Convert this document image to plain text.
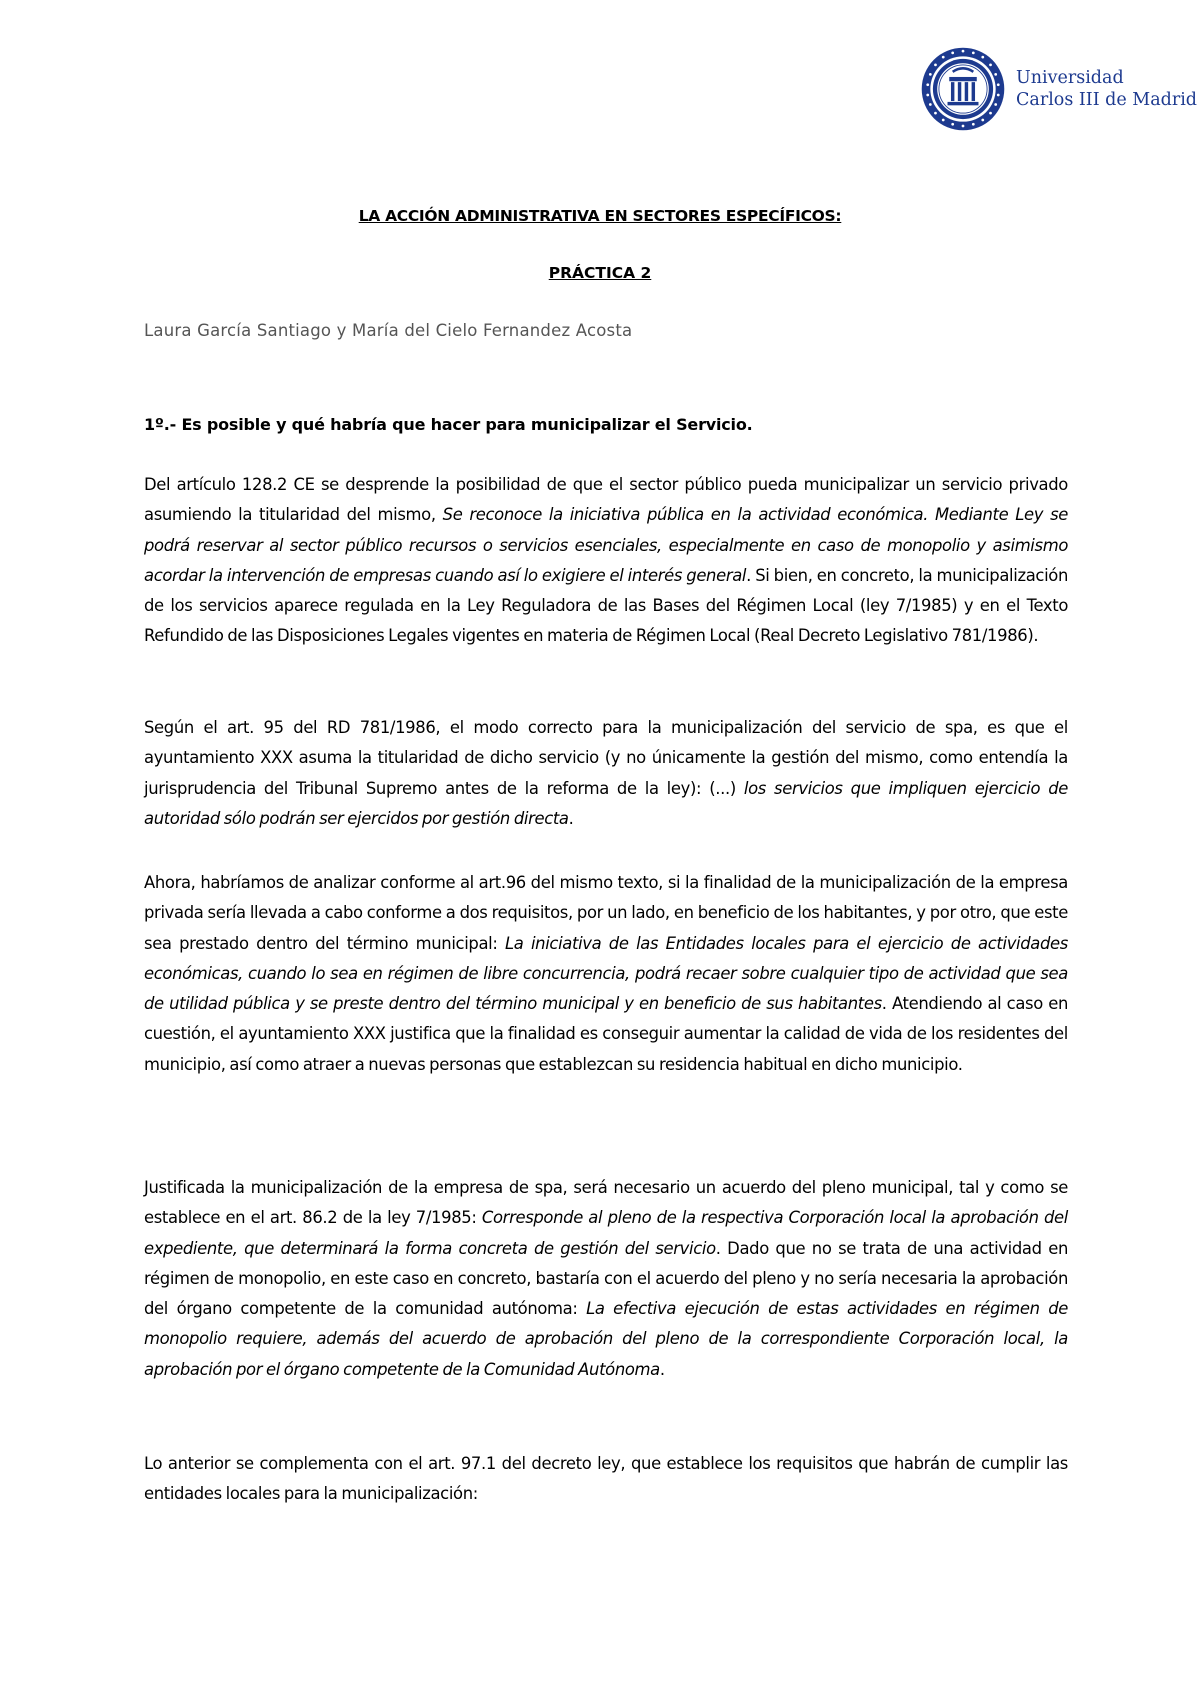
Universidad
Carlos III de Madrid

LA ACCIÓN ADMINISTRATIVA EN SECTORES ESPECÍFICOS:

PRÁCTICA 2

Laura García Santiago y María del Cielo Fernandez Acosta

1º.- Es posible y qué habría que hacer para municipalizar el Servicio.

Del artículo 128.2 CE se desprende la posibilidad de que el sector público pueda municipalizar un servicio privado asumiendo la titularidad del mismo, Se reconoce la iniciativa pública en la actividad económica. Mediante Ley se podrá reservar al sector público recursos o servicios esenciales, especialmente en caso de monopolio y asimismo acordar la intervención de empresas cuando así lo exigiere el interés general. Si bien, en concreto, la municipalización de los servicios aparece regulada en la Ley Reguladora de las Bases del Régimen Local (ley 7/1985) y en el Texto Refundido de las Disposiciones Legales vigentes en materia de Régimen Local (Real Decreto Legislativo 781/1986).

Según el art. 95 del RD 781/1986, el modo correcto para la municipalización del servicio de spa, es que el ayuntamiento XXX asuma la titularidad de dicho servicio (y no únicamente la gestión del mismo, como entendía la jurisprudencia del Tribunal Supremo antes de la reforma de la ley): (...) los servicios que impliquen ejercicio de autoridad sólo podrán ser ejercidos por gestión directa.

Ahora, habríamos de analizar conforme al art.96 del mismo texto, si la finalidad de la municipalización de la empresa privada sería llevada a cabo conforme a dos requisitos, por un lado, en beneficio de los habitantes, y por otro, que este sea prestado dentro del término municipal: La iniciativa de las Entidades locales para el ejercicio de actividades económicas, cuando lo sea en régimen de libre concurrencia, podrá recaer sobre cualquier tipo de actividad que sea de utilidad pública y se preste dentro del término municipal y en beneficio de sus habitantes. Atendiendo al caso en cuestión, el ayuntamiento XXX justifica que la finalidad es conseguir aumentar la calidad de vida de los residentes del municipio, así como atraer a nuevas personas que establezcan su residencia habitual en dicho municipio.

Justificada la municipalización de la empresa de spa, será necesario un acuerdo del pleno municipal, tal y como se establece en el art. 86.2 de la ley 7/1985: Corresponde al pleno de la respectiva Corporación local la aprobación del expediente, que determinará la forma concreta de gestión del servicio. Dado que no se trata de una actividad en régimen de monopolio, en este caso en concreto, bastaría con el acuerdo del pleno y no sería necesaria la aprobación del órgano competente de la comunidad autónoma: La efectiva ejecución de estas actividades en régimen de monopolio requiere, además del acuerdo de aprobación del pleno de la correspondiente Corporación local, la aprobación por el órgano competente de la Comunidad Autónoma.

Lo anterior se complementa con el art. 97.1 del decreto ley, que establece los requisitos que habrán de cumplir las entidades locales para la municipalización:
